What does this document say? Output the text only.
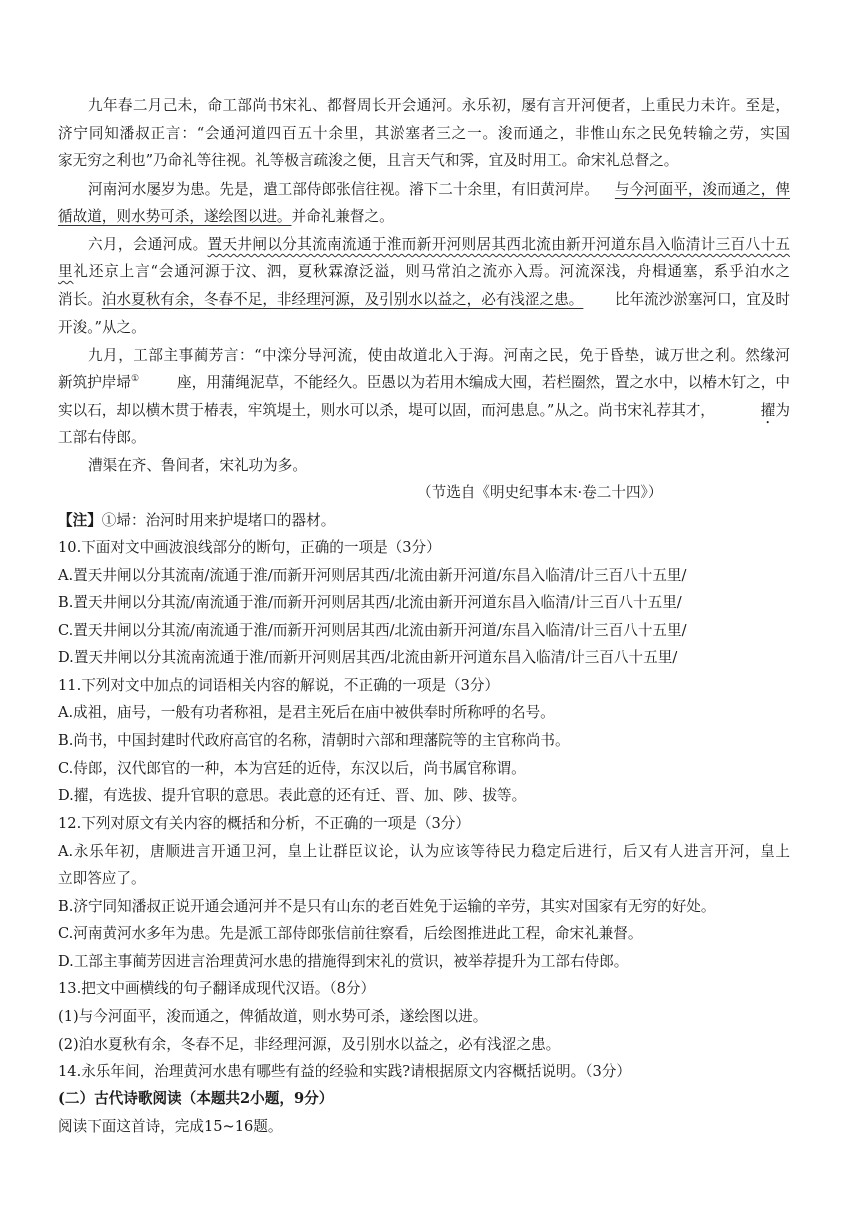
九年春二月己未，命工部尚书宋礼、都督周长开会通河。永乐初，屡有言开河便者，上重民力未许。至是，
济宁同知潘叔正言：“会通河道四百五十余里，其淤塞者三之一。浚而通之，非惟山东之民免转输之劳，实国
家无穷之利也”乃命礼等往视。礼等极言疏浚之便，且言天气和霁，宜及时用工。命宋礼总督之。
河南河水屡岁为患。先是，遣工部侍郎张信往视。濬下二十余里，有旧黄河岸。 与今河面平，浚而通之，俾
循故道，则水势可杀，遂绘图以进。并命礼兼督之。
六月，会通河成。置天井闸以分其流南流通于淮而新开河则居其西北流由新开河道东昌入临清计三百八十五
里礼还京上言“会通河源于汶、泗，夏秋霖潦泛溢，则马常泊之流亦入焉。河流深浅，舟楫通塞，系乎泊水之
消长。泊水夏秋有余，冬春不足，非经理河源，及引别水以益之，必有浅涩之患。 比年流沙淤塞河口，宜及时
开浚。”从之。
九月，工部主事蔺芳言：“中滦分导河流，使由故道北入于海。河南之民，免于昏垫，诚万世之利。然缘河
新筑护岸埽①	座，用蒲绳泥草，不能经久。臣愚以为若用木编成大囤，若栏圈然，置之水中，以椿木钉之，中
实以石，却以横木贯于椿表，牢筑堤土，则水可以杀，堤可以固，而河患息。”从之。尚书宋礼荐其才，	擢为
工部右侍郎。
漕渠在齐、鲁间者，宋礼功为多。
（节选自《明史纪事本末·卷二十四》）
【注】①埽：治河时用来护堤堵口的器材。
10.下面对文中画波浪线部分的断句，正确的一项是（3分）
A.置天井闸以分其流南/流通于淮/而新开河则居其西/北流由新开河道/东昌入临清/计三百八十五里/
B.置天井闸以分其流/南流通于淮/而新开河则居其西/北流由新开河道东昌入临清/计三百八十五里/
C.置天井闸以分其流/南流通于淮/而新开河则居其西/北流由新开河道/东昌入临清/计三百八十五里/
D.置天井闸以分其流南流通于淮/而新开河则居其西/北流由新开河道东昌入临清/计三百八十五里/
11.下列对文中加点的词语相关内容的解说，不正确的一项是（3分）
A.成祖，庙号，一般有功者称祖，是君主死后在庙中被供奉时所称呼的名号。
B.尚书，中国封建时代政府高官的名称，清朝时六部和理藩院等的主官称尚书。
C.侍郎，汉代郎官的一种，本为宫廷的近侍，东汉以后，尚书属官称谓。
D.擢，有选拔、提升官职的意思。表此意的还有迁、晋、加、陟、拔等。
12.下列对原文有关内容的概括和分析，不正确的一项是（3分）
A.永乐年初，唐顺进言开通卫河，皇上让群臣议论，认为应该等待民力稳定后进行，后又有人进言开河，皇上
立即答应了。
B.济宁同知潘叔正说开通会通河并不是只有山东的老百姓免于运输的辛劳，其实对国家有无穷的好处。
C.河南黄河水多年为患。先是派工部侍郎张信前往察看，后绘图推进此工程，命宋礼兼督。
D.工部主事蔺芳因进言治理黄河水患的措施得到宋礼的赏识，被举荐提升为工部右侍郎。
13.把文中画横线的句子翻译成现代汉语。（8分）
(1)与今河面平，浚而通之，俾循故道，则水势可杀，遂绘图以进。
(2)泊水夏秋有余，冬春不足，非经理河源，及引别水以益之，必有浅涩之患。
14.永乐年间，治理黄河水患有哪些有益的经验和实践?请根据原文内容概括说明。（3分）
(二）古代诗歌阅读（本题共2小题，9分）
阅读下面这首诗，完成15~16题。
